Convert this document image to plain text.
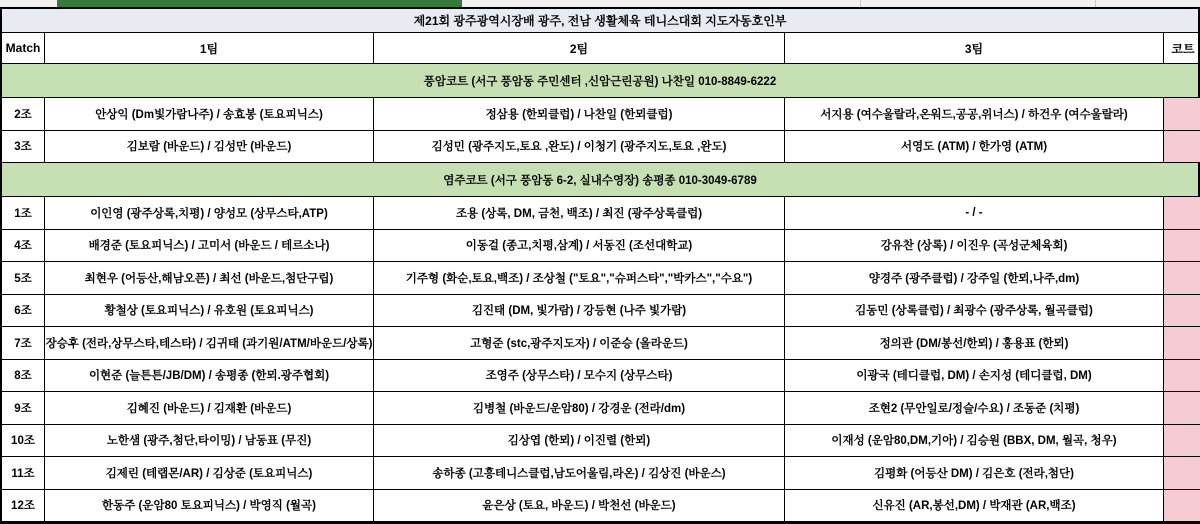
제21회 광주광역시장배 광주, 전남 생활체육 테니스대회 지도자동호인부
Match	1팀	2팀	3팀	코트
풍암코트 (서구 풍암동 주민센터 ,신암근린공원) 나찬일 010-8849-6222
2조	안상익 (Dm빛가람나주) / 송효봉 (토요피닉스)	정삼용 (한뫼클럽) / 나찬일 (한뫼클럽)	서지용 (여수울랄라,온워드,공공,위너스) / 하건우 (여수울랄라)
3조	김보람 (바운드) / 김성만 (바운드)	김성민 (광주지도,토요 ,완도) / 이청기 (광주지도,토요 ,완도)	서영도 (ATM) / 한가영 (ATM)
염주코트 (서구 풍암동 6-2, 실내수영장) 송평종 010-3049-6789
1조	이인영 (광주상록,치평) / 양성모 (상무스타,ATP)	조용 (상록, DM, 금천, 백조) / 최진 (광주상록클럽)	- / -
4조	배경준 (토요피닉스) / 고미서 (바운드 / 테르소나)	이동걸 (종고,치평,삼계) / 서동진 (조선대학교)	강유찬 (상록) / 이진우 (곡성군체육회)
5조	최현우 (어등산,해남오픈) / 최선 (바운드,첨단구립)	기주형 (화순,토요,백조) / 조상철 ("토요","슈퍼스타","박카스","수요")	양경주 (광주클럽) / 강주일 (한뫼,나주,dm)
6조	황철상 (토요피닉스) / 유호원 (토요피닉스)	김진태 (DM, 빛가람) / 강등현 (나주 빛가람)	김동민 (상록클럽) / 최광수 (광주상록, 월곡클럽)
7조	장승후 (전라,상무스타,테스타) / 김귀태 (과기원/ATM/바운드/상록)	고형준 (stc,광주지도자) / 이준승 (올라운드)	정의관 (DM/봉선/한뫼) / 홍용표 (한뫼)
8조	이현준 (늘튼튼/JB/DM) / 송평종 (한뫼.광주협회)	조영주 (상무스타) / 모수지 (상무스타)	이광국 (테디클럽, DM) / 손지성 (테디클럽, DM)
9조	김혜진 (바운드) / 김재환 (바운드)	김병철 (바운드/운암80) / 강경운 (전라/dm)	조현2 (무안일로/정슬/수요) / 조동준 (치평)
10조	노한샘 (광주,첨단,타이밍) / 남동표 (무진)	김상엽 (한뫼) / 이진렬 (한뫼)	이재성 (운암80,DM,기아) / 김승원 (BBX, DM, 월곡, 청우)
11조	김제린 (테랩몬/AR) / 김상준 (토요피닉스)	송하종 (고흥테니스클럽,남도어울림,라온) / 김상진 (바운스)	김평화 (어등산 DM) / 김은호 (전라,첨단)
12조	한동주 (운암80 토요피닉스) / 박영직 (월곡)	윤은상 (토요, 바운드) / 박천선 (바운드)	신유진 (AR,봉선,DM) / 박재관 (AR,백조)
